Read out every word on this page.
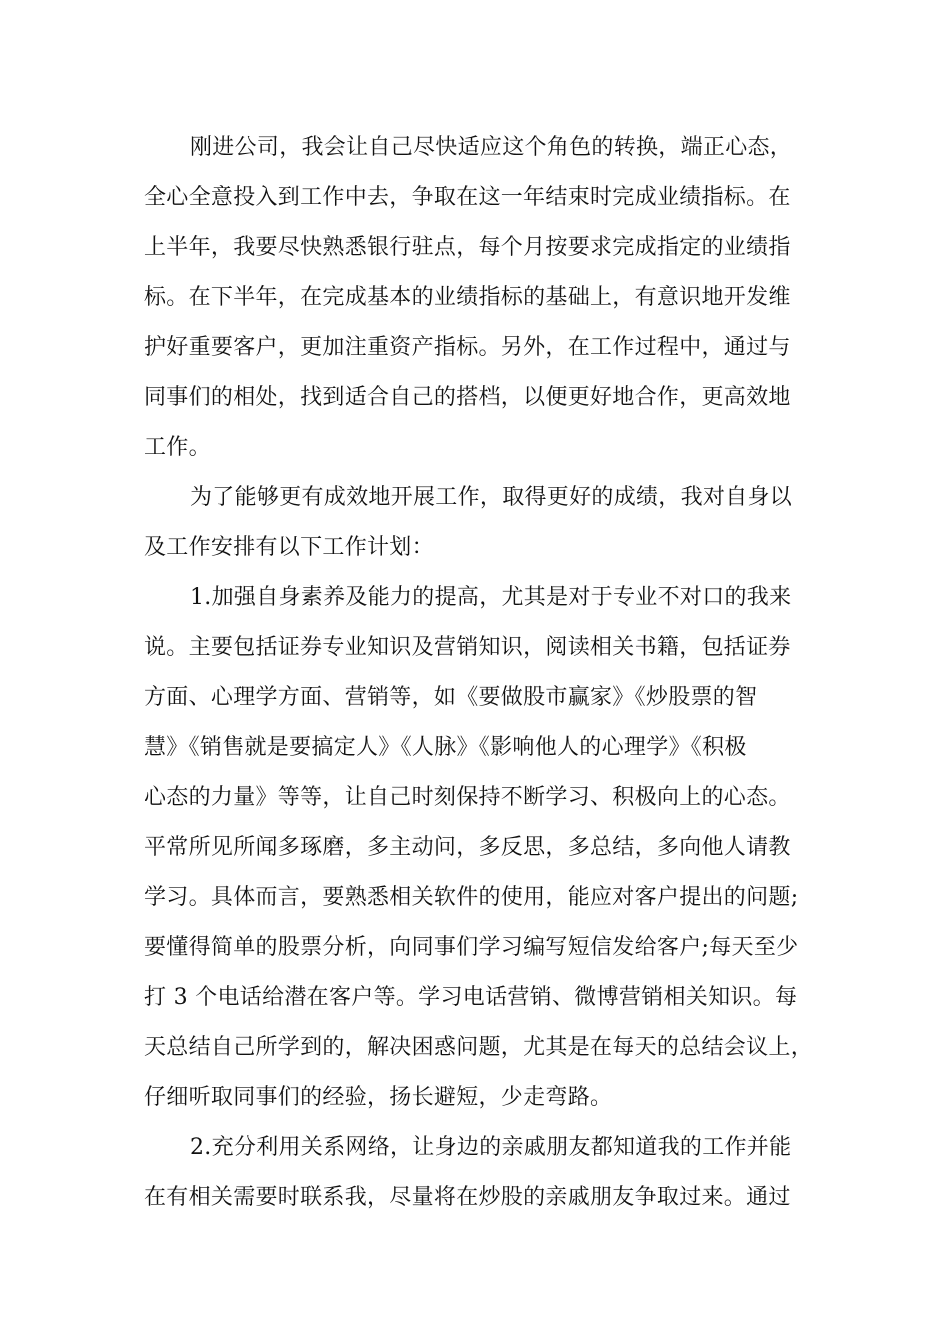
刚进公司，我会让自己尽快适应这个角色的转换，端正心态，
全心全意投入到工作中去，争取在这一年结束时完成业绩指标。在
上半年，我要尽快熟悉银行驻点，每个月按要求完成指定的业绩指
标。在下半年，在完成基本的业绩指标的基础上，有意识地开发维
护好重要客户，更加注重资产指标。另外，在工作过程中，通过与
同事们的相处，找到适合自己的搭档，以便更好地合作，更高效地
工作。
为了能够更有成效地开展工作，取得更好的成绩，我对自身以
及工作安排有以下工作计划：
1.加强自身素养及能力的提高，尤其是对于专业不对口的我来
说。主要包括证券专业知识及营销知识，阅读相关书籍，包括证券
方面、心理学方面、营销等，如《要做股市赢家》《炒股票的智
慧》《销售就是要搞定人》《人脉》《影响他人的心理学》《积极
心态的力量》等等，让自己时刻保持不断学习、积极向上的心态。
平常所见所闻多琢磨，多主动问，多反思，多总结，多向他人请教
学习。具体而言，要熟悉相关软件的使用，能应对客户提出的问题;
要懂得简单的股票分析，向同事们学习编写短信发给客户;每天至少
打 3 个电话给潜在客户等。学习电话营销、微博营销相关知识。每
天总结自己所学到的，解决困惑问题，尤其是在每天的总结会议上，
仔细听取同事们的经验，扬长避短，少走弯路。
2.充分利用关系网络，让身边的亲戚朋友都知道我的工作并能
在有相关需要时联系我，尽量将在炒股的亲戚朋友争取过来。通过
